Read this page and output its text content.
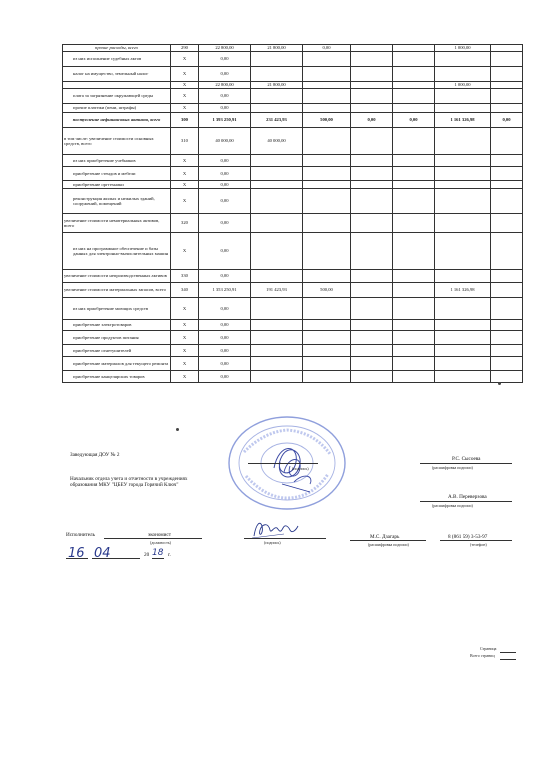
прочие расходы, всего	290	22 800,00	21 800,00	0,00			1 000,00	
из них исполнение судебных актов	Х	0,00						
налог на имущество, земельный налог	Х	0,00						
	Х	22 800,00	21 800,00				1 000,00	
плата за загрязнение окружающей среды	Х	0,00						
прочие платежи (пени, штрафы)	Х	0,00						
поступление нефинансовых активов, всего	300	1 393 250,91	231 423,93	500,00	0,00	0,00	1 161 326,98	0,00
в том числе: увеличение стоимости основных средств, всего	310	40 000,00	40 000,00					
из них приобретение учебников	Х	0,00						
приобретение стендов и мебели	Х	0,00						
приобретение оргтехники	Х	0,00						
реконструкция жилых и нежилых зданий, сооружений, помещений	Х	0,00						
увеличение стоимости нематериальных активов, всего	320	0,00						
из них на программное обеспечение и базы данных для электронно-вычислительных машин	Х	0,00						
увеличение стоимости непроизводственных активов	330	0,00						
увеличение стоимости материальных запасов, всего	340	1 353 250,91	191 423,93	500,00			1 161 326,98	
из них приобретение моющих средств	Х	0,00						
приобретение электротоваров	Х	0,00						
приобретение продуктов питания	Х	0,00						
приобретение огнетушителей	Х	0,00						
приобретение материалов для текущего ремонта	Х	0,00						
приобретение канцелярских товаров	Х	0,00						
Заведующая ДОУ № 2
(подпись)
Р.С. Сысоева
(расшифровка подписи)
Начальник отдела учета и отчетности в учреждениях образования МКУ "ЦБЕУ города Горячий Ключ"
А.В. Переверзова
(расшифровка подписи)
Исполнитель	экономист
(должность)	(подпись)
М.С. Дзагарь
(расшифровка подписи)
8 (861 59) 3-53-97
(телефон)
16 04	20 18 г.
Страница
Всего страниц
